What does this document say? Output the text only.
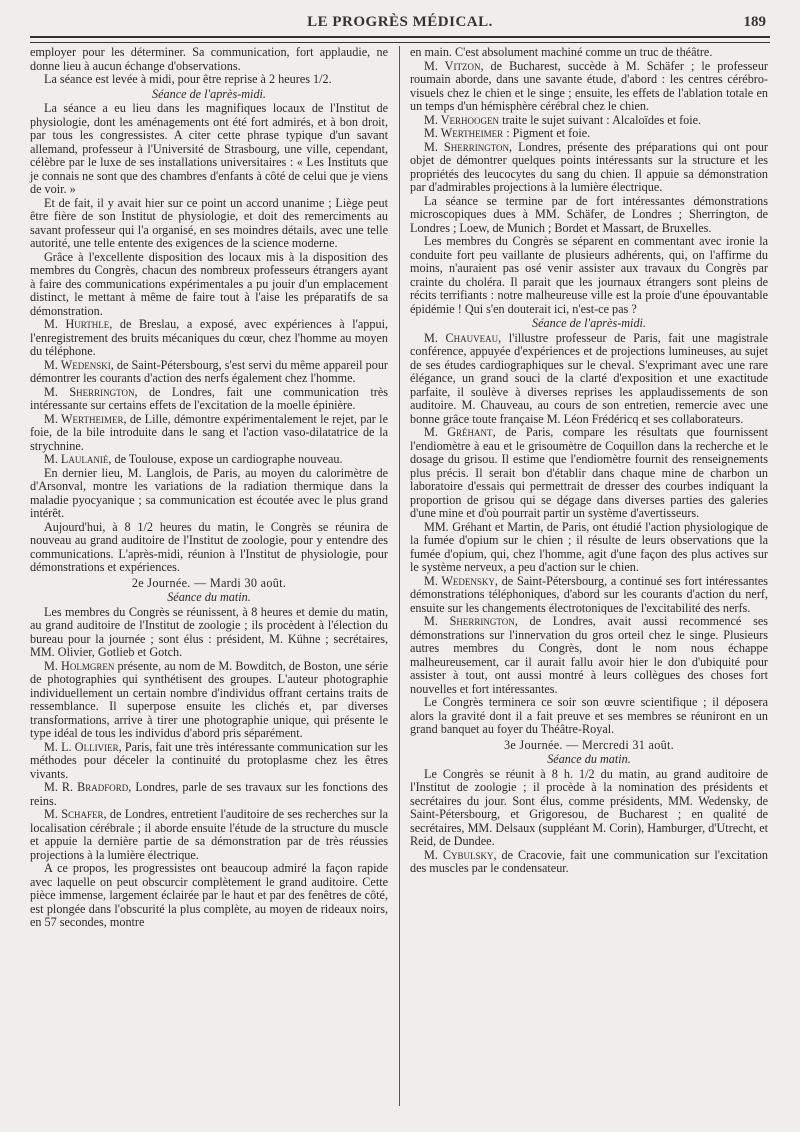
LE PROGRÈS MÉDICAL.	189

employer pour les déterminer. Sa communication, fort applaudie, ne donne lieu à aucun échange d'observations.

La séance est levée à midi, pour être reprise à 2 heures 1/2.

Séance de l'après-midi.

La séance a eu lieu dans les magnifiques locaux de l'Institut de physiologie, dont les aménagements ont été fort admirés, et à bon droit, par tous les congressistes. A citer cette phrase typique d'un savant allemand, professeur à l'Université de Strasbourg, une ville, cependant, célèbre par le luxe de ses installations universitaires : « Les Instituts que je connais ne sont que des chambres d'enfants à côté de celui que je viens de voir. »

Et de fait, il y avait hier sur ce point un accord unanime ; Liège peut être fière de son Institut de physiologie, et doit des remerciments au savant professeur qui l'a organisé, en ses moindres détails, avec une telle autorité, une telle entente des exigences de la science moderne.

Grâce à l'excellente disposition des locaux mis à la disposition des membres du Congrès, chacun des nombreux professeurs étrangers ayant à faire des communications expérimentales a pu jouir d'un emplacement distinct, le mettant à même de faire tout à l'aise les préparatifs de sa démonstration.

M. Hurthle, de Breslau, a exposé, avec expériences à l'appui, l'enregistrement des bruits mécaniques du cœur, chez l'homme au moyen du téléphone.

M. Wedenski, de Saint-Pétersbourg, s'est servi du même appareil pour démontrer les courants d'action des nerfs également chez l'homme.

M. Sherrington, de Londres, fait une communication très intéressante sur certains effets de l'excitation de la moelle épinière.

M. Wertheimer, de Lille, démontre expérimentalement le rejet, par le foie, de la bile introduite dans le sang et l'action vaso-dilatatrice de la strychnine.

M. Laulanié, de Toulouse, expose un cardiographe nouveau.

En dernier lieu, M. Langlois, de Paris, au moyen du calorimètre de d'Arsonval, montre les variations de la radiation thermique dans la maladie pyocyanique ; sa communication est écoutée avec le plus grand intérêt.

Aujourd'hui, à 8 1/2 heures du matin, le Congrès se réunira de nouveau au grand auditoire de l'Institut de zoologie, pour y entendre des communications. L'après-midi, réunion à l'Institut de physiologie, pour démonstrations et expériences.

2e Journée. — Mardi 30 août.

Séance du matin.

Les membres du Congrès se réunissent, à 8 heures et demie du matin, au grand auditoire de l'Institut de zoologie ; ils procèdent à l'élection du bureau pour la journée ; sont élus : président, M. Kühne ; secrétaires, MM. Olivier, Gotlieb et Gotch.

M. Holmgren présente, au nom de M. Bowditch, de Boston, une série de photographies qui synthétisent des groupes. L'auteur photographie individuellement un certain nombre d'individus offrant certains traits de ressemblance. Il superpose ensuite les clichés et, par diverses transformations, arrive à tirer une photographie unique, qui présente le type idéal de tous les individus d'abord pris séparément.

M. L. Ollivier, Paris, fait une très intéressante communication sur les méthodes pour déceler la continuité du protoplasme chez les êtres vivants.

M. R. Bradford, Londres, parle de ses travaux sur les fonctions des reins.

M. Schafer, de Londres, entretient l'auditoire de ses recherches sur la localisation cérébrale ; il aborde ensuite l'étude de la structure du muscle et appuie la dernière partie de sa démonstration par de très réussies projections à la lumière électrique.

A ce propos, les progressistes ont beaucoup admiré la façon rapide avec laquelle on peut obscurcir complètement le grand auditoire. Cette pièce immense, largement éclairée par le haut et par des fenêtres de côté, est plongée dans l'obscurité la plus complète, au moyen de rideaux noirs, en 57 secondes, montre

en main. C'est absolument machiné comme un truc de théâtre.

M. Vitzon, de Bucharest, succède à M. Schäfer ; le professeur roumain aborde, dans une savante étude, d'abord : les centres cérébro-visuels chez le chien et le singe ; ensuite, les effets de l'ablation totale en un temps d'un hémisphère cérébral chez le chien.

M. Verhoogen traite le sujet suivant : Alcaloïdes et foie.

M. Wertheimer : Pigment et foie.

M. Sherrington, Londres, présente des préparations qui ont pour objet de démontrer quelques points intéressants sur la structure et les propriétés des leucocytes du sang du chien. Il appuie sa démonstration par d'admirables projections à la lumière électrique.

La séance se termine par de fort intéressantes démonstrations microscopiques dues à MM. Schäfer, de Londres ; Sherrington, de Londres ; Loew, de Munich ; Bordet et Massart, de Bruxelles.

Les membres du Congrès se séparent en commentant avec ironie la conduite fort peu vaillante de plusieurs adhérents, qui, on l'affirme du moins, n'auraient pas osé venir assister aux travaux du Congrès par crainte du choléra. Il parait que les journaux étrangers sont pleins de récits terrifiants : notre malheureuse ville est la proie d'une épouvantable épidémie ! Qui s'en douterait ici, n'est-ce pas ?

Séance de l'après-midi.

M. Chauveau, l'illustre professeur de Paris, fait une magistrale conférence, appuyée d'expériences et de projections lumineuses, au sujet de ses études cardiographiques sur le cheval. S'exprimant avec une rare élégance, un grand souci de la clarté d'exposition et une exactitude parfaite, il soulève à diverses reprises les applaudissements de son auditoire. M. Chauveau, au cours de son entretien, remercie avec une bonne grâce toute française M. Léon Frédéricq et ses collaborateurs.

M. Gréhant, de Paris, compare les résultats que fournissent l'endiomètre à eau et le grisoumètre de Coquillon dans la recherche et le dosage du grisou. Il estime que l'endiomètre fournit des renseignements plus précis. Il serait bon d'établir dans chaque mine de charbon un laboratoire d'essais qui permettrait de dresser des courbes indiquant la proportion de grisou qui se dégage dans diverses parties des galeries d'une mine et d'où pourrait partir un système d'avertisseurs.

MM. Gréhant et Martin, de Paris, ont étudié l'action physiologique de la fumée d'opium sur le chien ; il résulte de leurs observations que la fumée d'opium, qui, chez l'homme, agit d'une façon des plus actives sur le système nerveux, a peu d'action sur le chien.

M. Wedensky, de Saint-Pétersbourg, a continué ses fort intéressantes démonstrations téléphoniques, d'abord sur les courants d'action du nerf, ensuite sur les changements électrotoniques de l'excitabilité des nerfs.

M. Sherrington, de Londres, avait aussi recommencé ses démonstrations sur l'innervation du gros orteil chez le singe. Plusieurs autres membres du Congrès, dont le nom nous échappe malheureusement, car il aurait fallu avoir hier le don d'ubiquité pour assister à tout, ont aussi montré à leurs collègues des choses fort nouvelles et fort intéressantes.

Le Congrès terminera ce soir son œuvre scientifique ; il déposera alors la gravité dont il a fait preuve et ses membres se réuniront en un grand banquet au foyer du Théâtre-Royal.

3e Journée. — Mercredi 31 août.

Séance du matin.

Le Congrès se réunit à 8 h. 1/2 du matin, au grand auditoire de l'Institut de zoologie ; il procède à la nomination des présidents et secrétaires du jour. Sont élus, comme présidents, MM. Wedensky, de Saint-Pétersbourg, et Grigoresou, de Bucharest ; en qualité de secrétaires, MM. Delsaux (suppléant M. Corin), Hamburger, d'Utrecht, et Reid, de Dundee.

M. Cybulsky, de Cracovie, fait une communication sur l'excitation des muscles par le condensateur.
